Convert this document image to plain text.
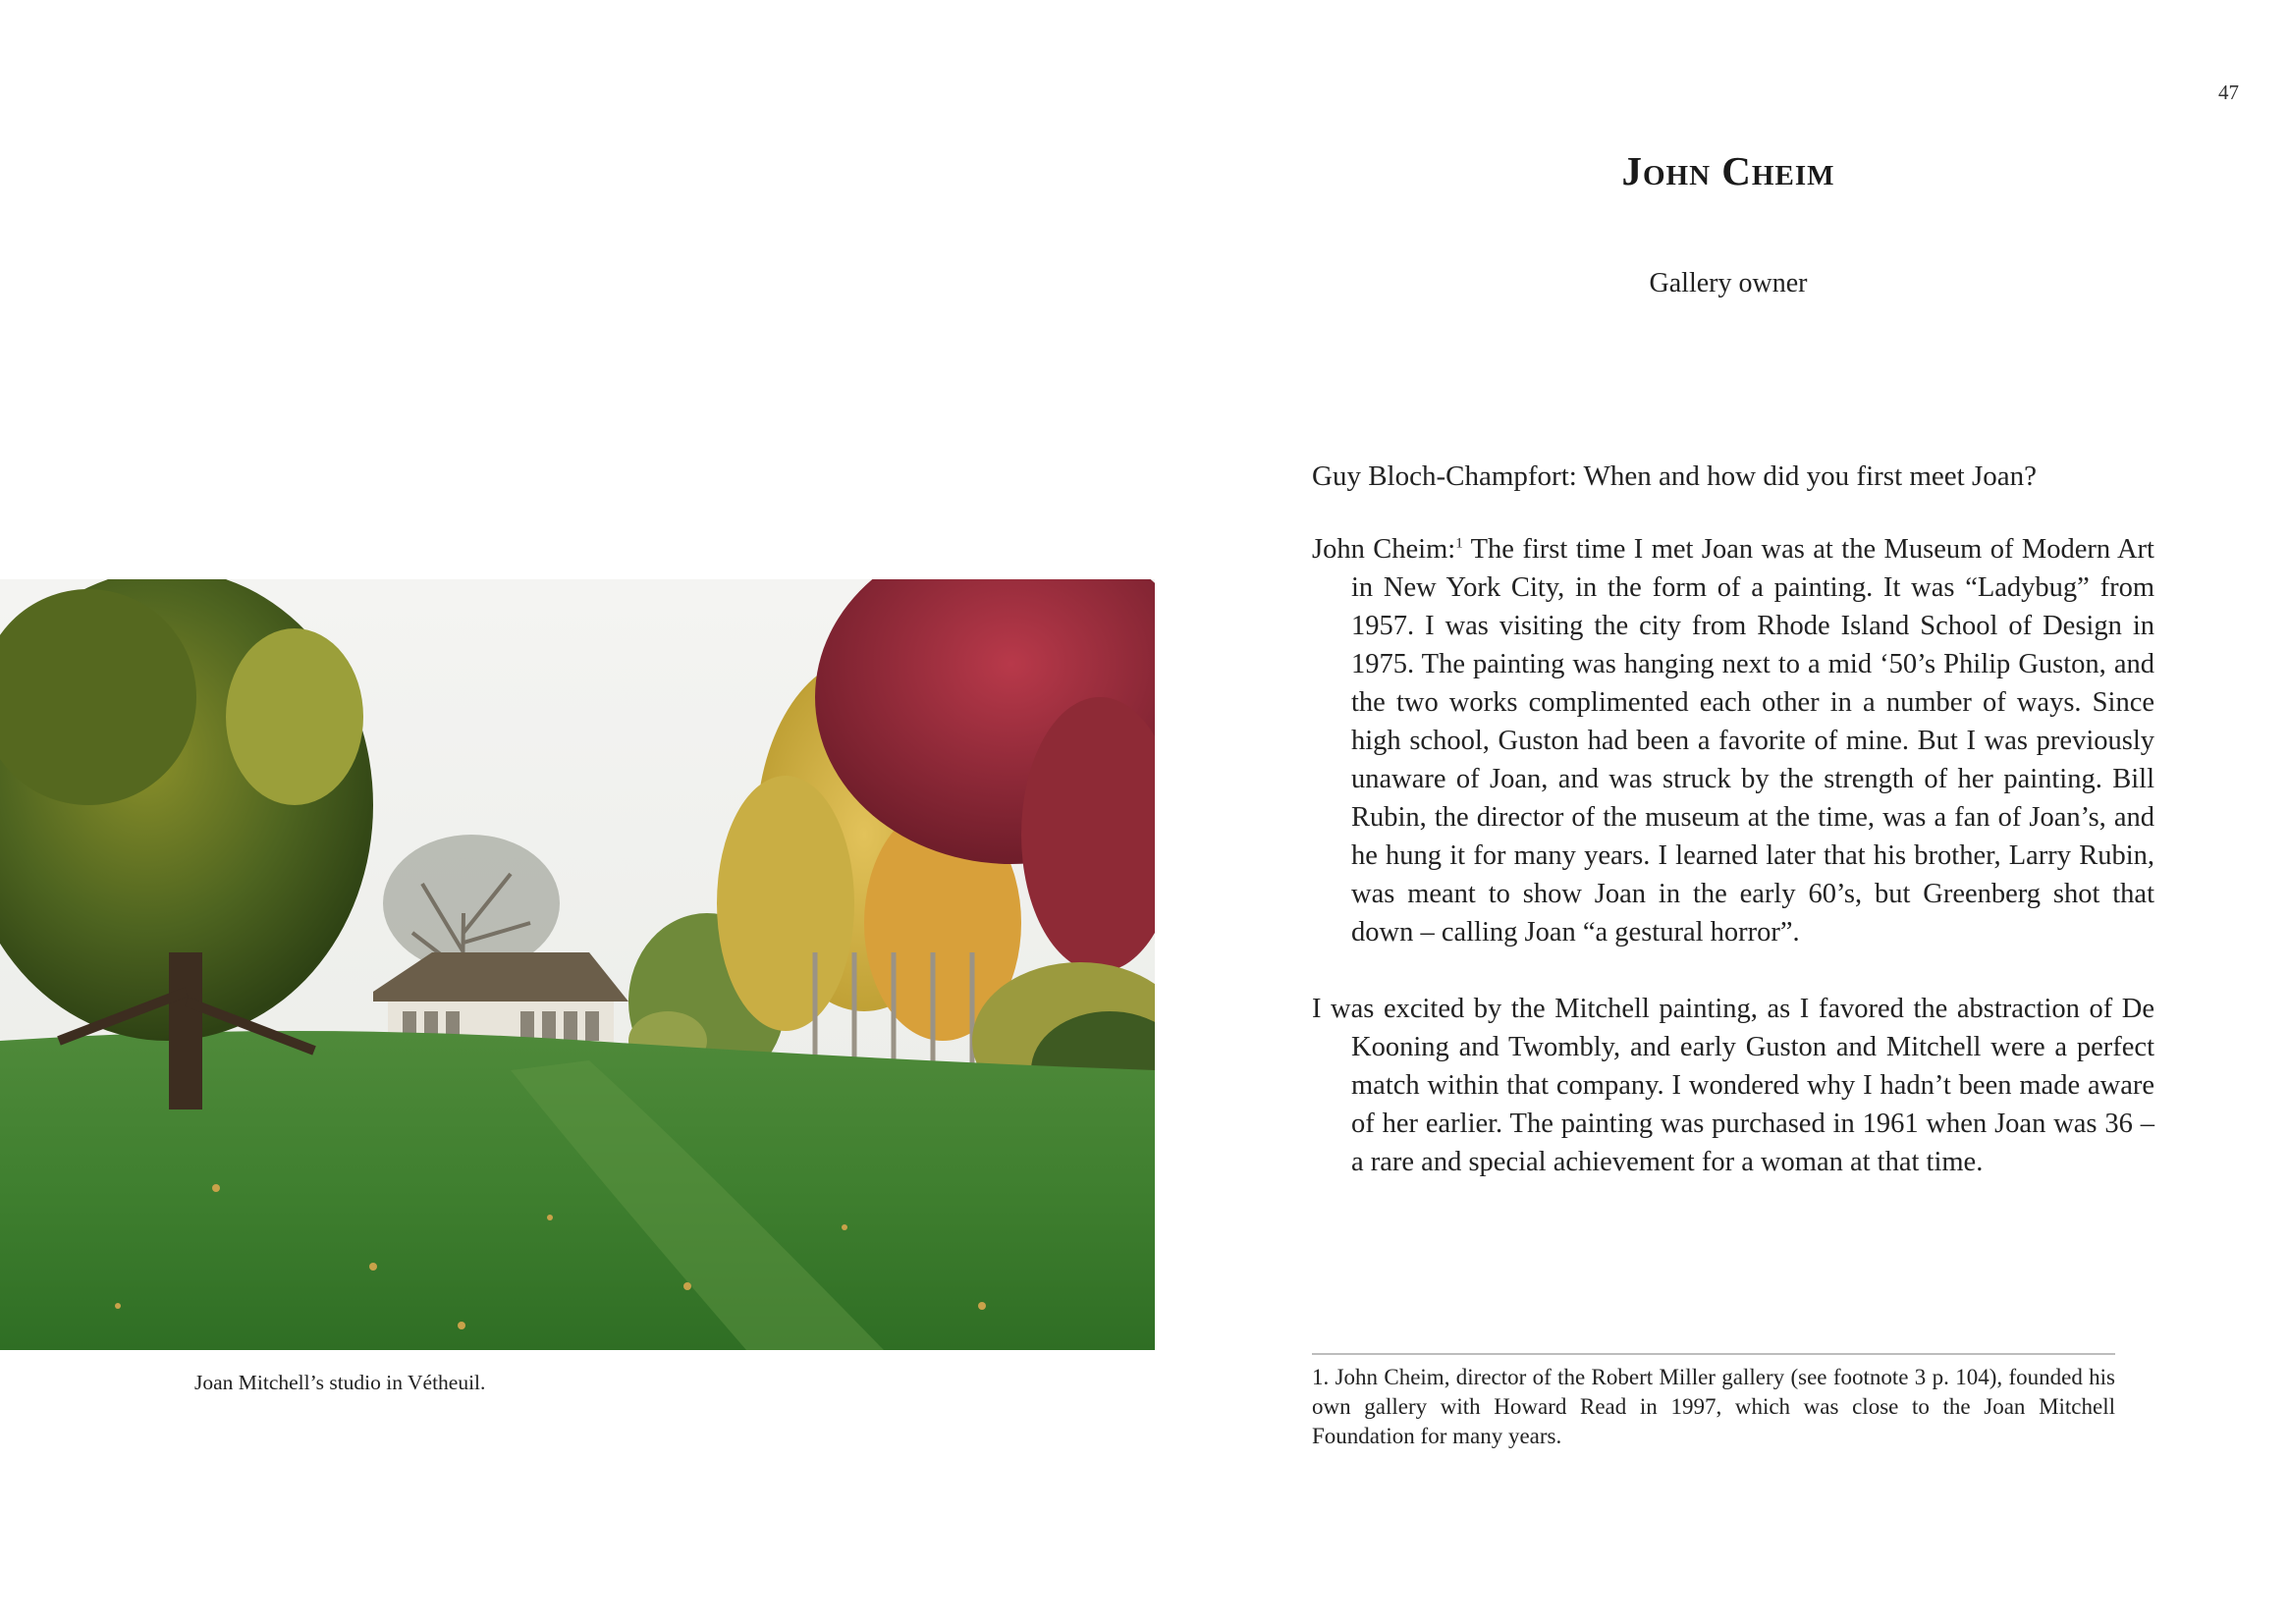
47
John Cheim
Gallery owner
Guy Bloch-Champfort: When and how did you first meet Joan?

John Cheim:$^1$ The first time I met Joan was at the Museum of Modern Art in New York City, in the form of a painting. It was “Ladybug” from 1957. I was visiting the city from Rhode Island School of Design in 1975. The painting was hanging next to a mid ‘50’s Philip Guston, and the two works complimented each other in a number of ways. Since high school, Guston had been a favorite of mine. But I was previously unaware of Joan, and was struck by the strength of her painting. Bill Rubin, the director of the museum at the time, was a fan of Joan’s, and he hung it for many years. I learned later that his brother, Larry Rubin, was meant to show Joan in the early 60’s, but Greenberg shot that down – calling Joan “a gestural horror”.

I was excited by the Mitchell painting, as I favored the abstraction of De Kooning and Twombly, and early Guston and Mitchell were a perfect match within that company. I wondered why I hadn’t been made aware of her earlier. The painting was purchased in 1961 when Joan was 36 – a rare and special achievement for a woman at that time.

1. John Cheim, director of the Robert Miller gallery (see footnote 3 p. 104), founded his own gallery with Howard Read in 1997, which was close to the Joan Mitchell Foundation for many years.

Joan Mitchell’s studio in Vétheuil.
